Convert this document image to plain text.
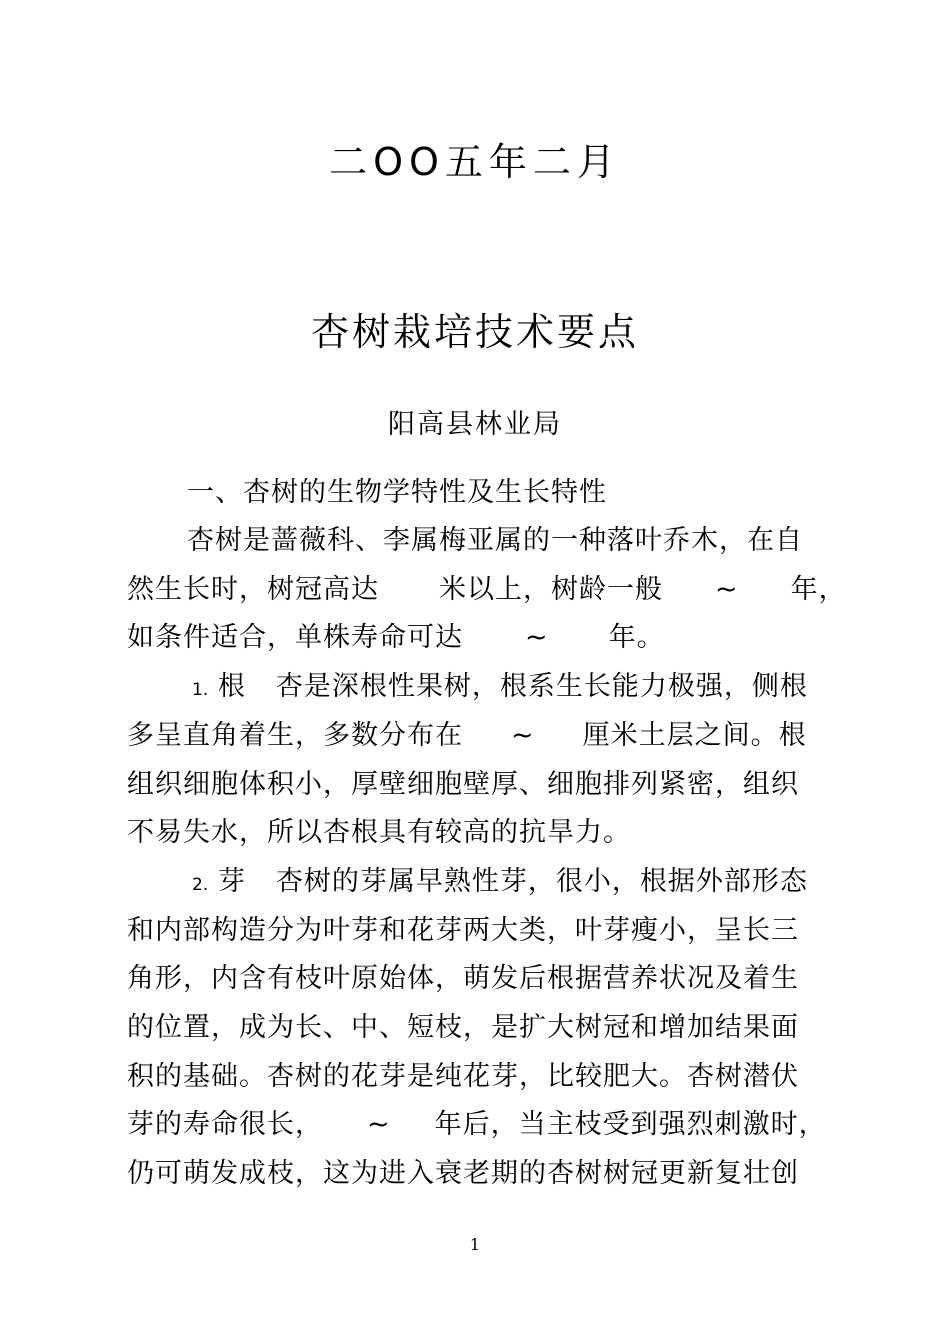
二OO五年二月
杏树栽培技术要点
阳高县林业局
一、杏树的生物学特性及生长特性
杏树是蔷薇科、李属梅亚属的一种落叶乔木，在自
然生长时，树冠高达 米以上，树龄一般 ~ 年，
如条件适合，单株寿命可达 ~ 年。
1. 根 杏是深根性果树，根系生长能力极强，侧根
多呈直角着生，多数分布在 ~ 厘米土层之间。根
组织细胞体积小，厚壁细胞壁厚、细胞排列紧密，组织
不易失水，所以杏根具有较高的抗旱力。
2. 芽 杏树的芽属早熟性芽，很小，根据外部形态
和内部构造分为叶芽和花芽两大类，叶芽瘦小，呈长三
角形，内含有枝叶原始体，萌发后根据营养状况及着生
的位置，成为长、中、短枝，是扩大树冠和增加结果面
积的基础。杏树的花芽是纯花芽，比较肥大。杏树潜伏
芽的寿命很长， ~ 年后，当主枝受到强烈刺激时，
仍可萌发成枝，这为进入衰老期的杏树树冠更新复壮创
1
